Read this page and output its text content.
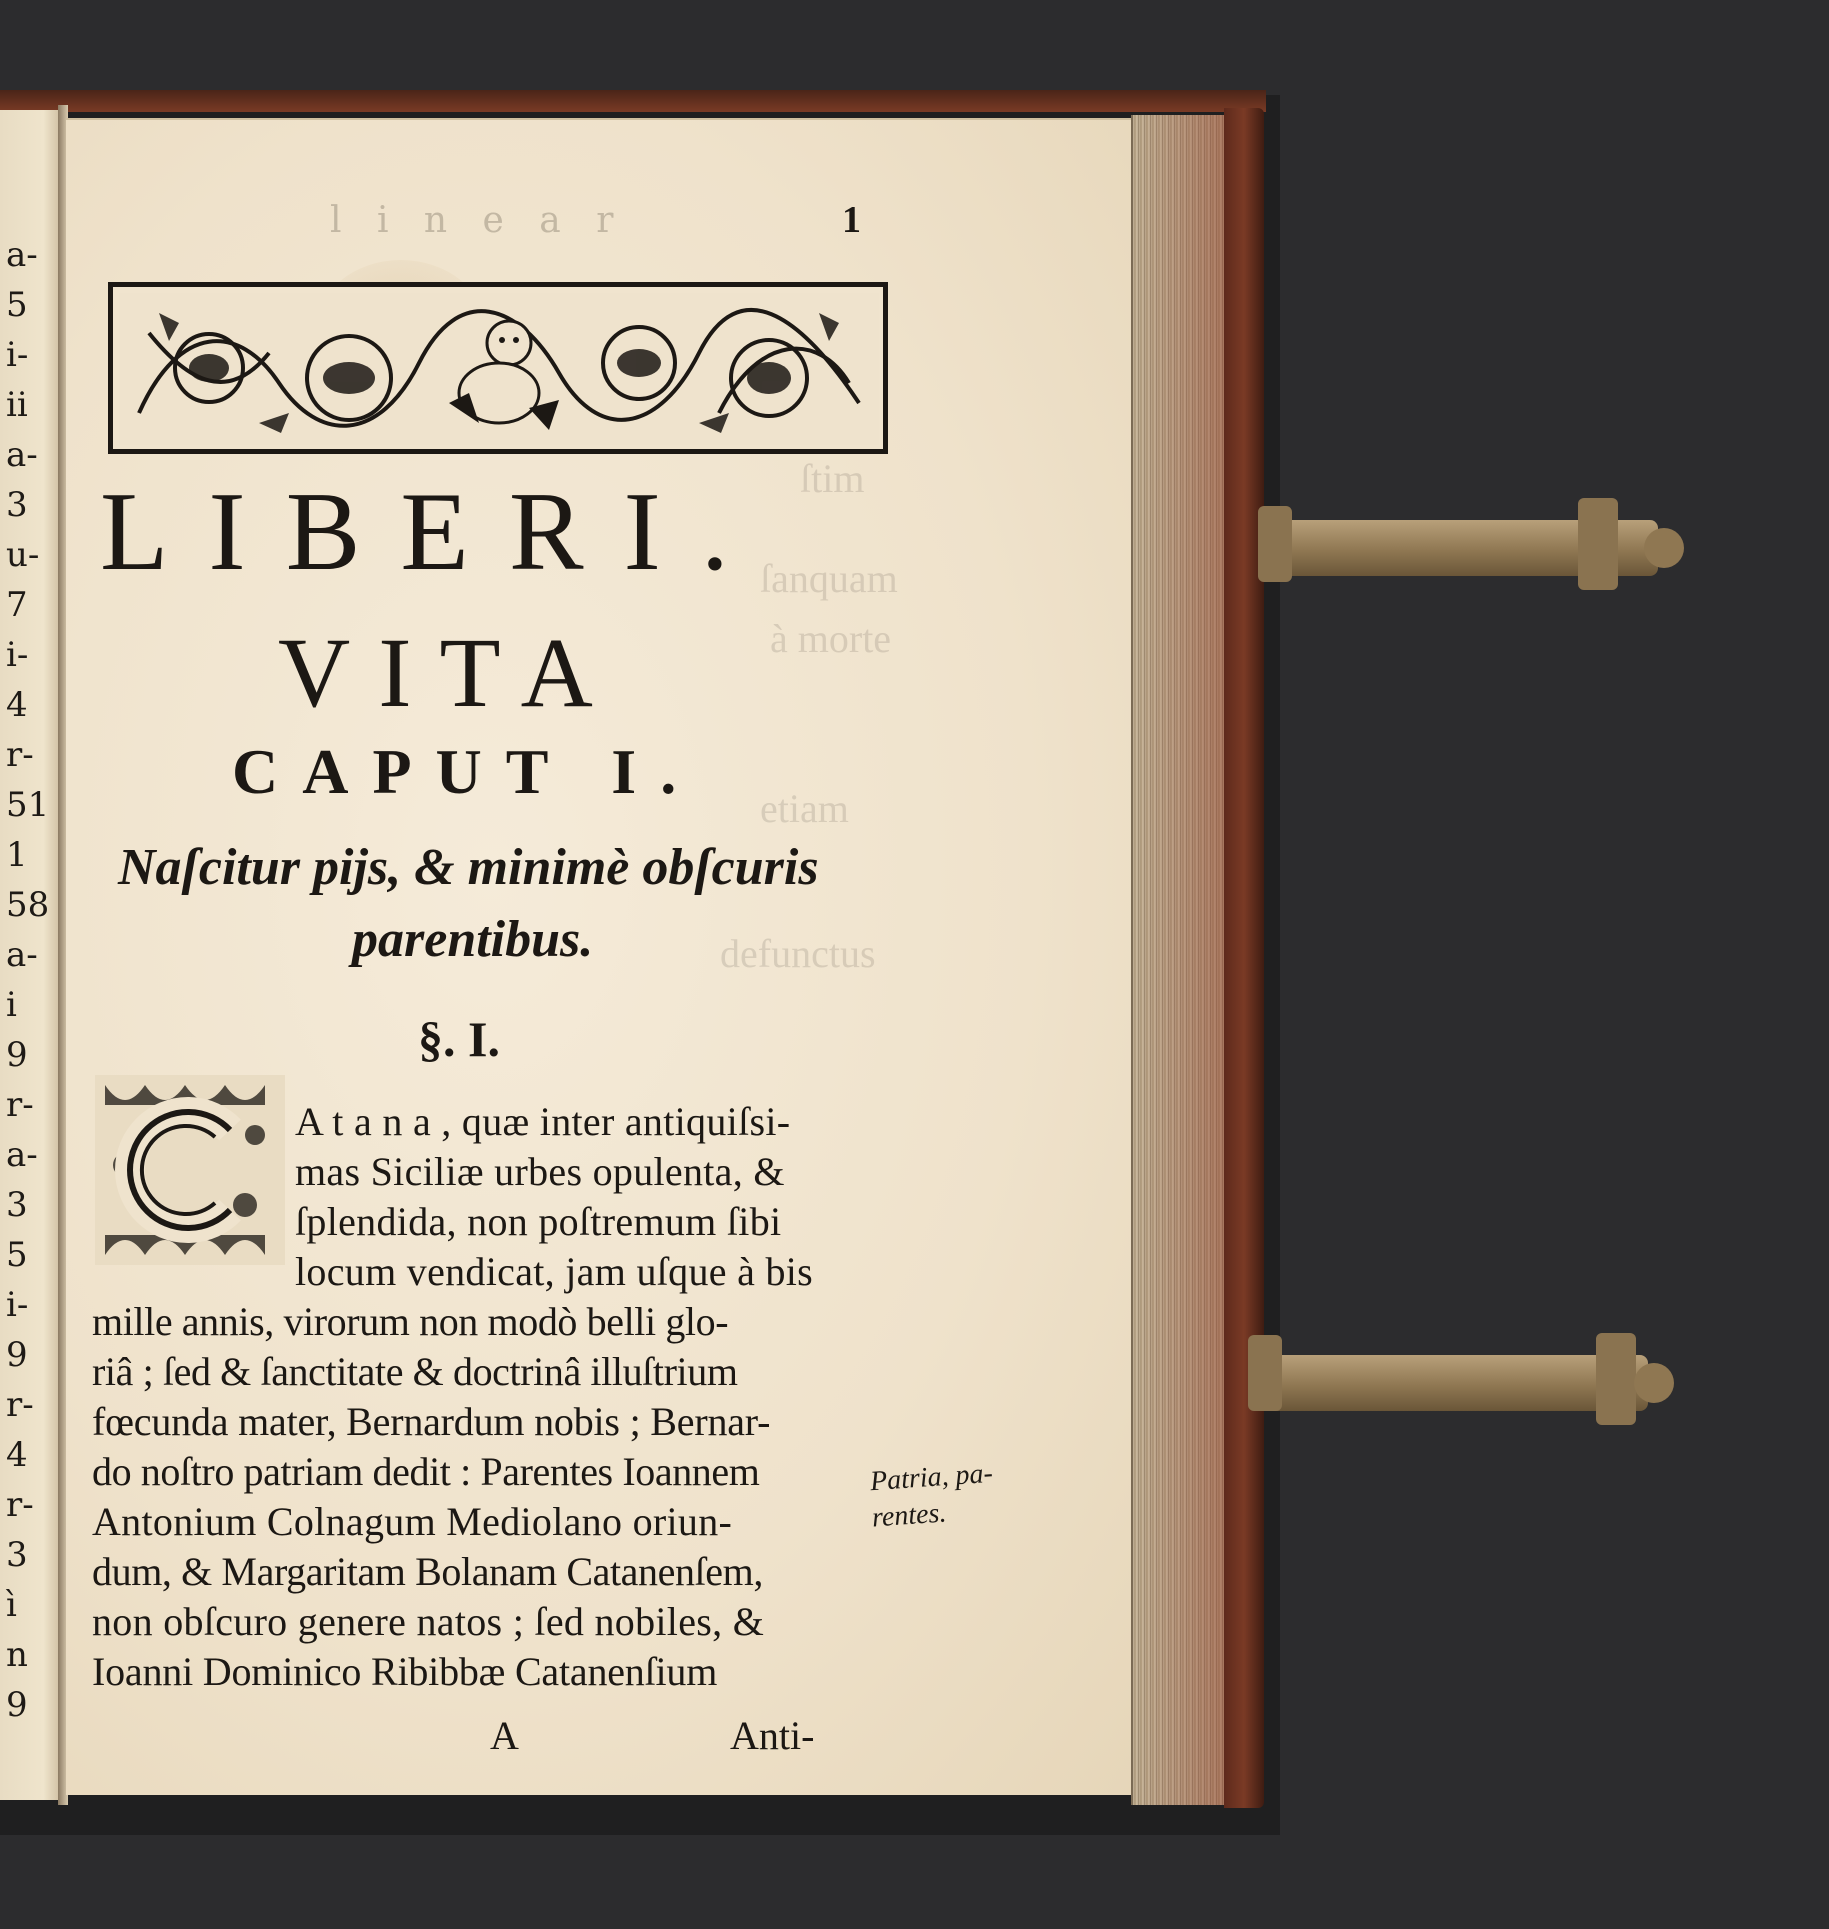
a-
5
i-
ii
a-
3
u-
7
i-
4
r-
51
1
58
a-
i
9
r-
a-
3
5
i-
9
r-
4
r-
3
ì
n
9
ſtim
ſanquam
à morte
etiam
defunctus
l i n e a r	1
LIBERI.
VITA
CAPUT I.
Naſcitur pijs, & minimè obſcuris
parentibus.
§. I.
A t a n a , quæ inter antiquiſsi-
mas Siciliæ urbes opulenta, &
ſplendida, non poſtremum ſibi
locum vendicat, jam uſque à bis
mille annis, virorum non modò belli glo-
riâ ; ſed & ſanctitate & doctrinâ illuſtrium
fœcunda mater, Bernardum nobis ; Bernar-
do noſtro patriam dedit : Parentes Ioannem
Antonium Colnagum Mediolano oriun-
dum, & Margaritam Bolanam Catanenſem,
non obſcuro genere natos ; ſed nobiles, &
Ioanni Dominico Ribibbæ Catanenſium
A	Anti-
Patria, pa-
rentes.
